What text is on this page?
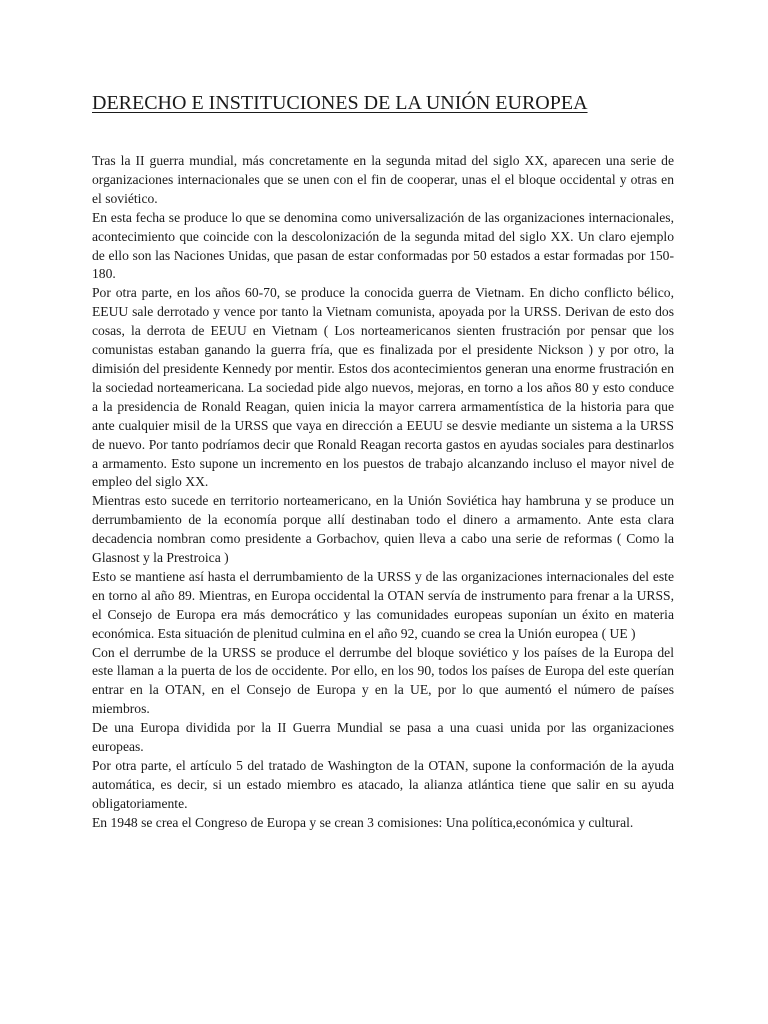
DERECHO E INSTITUCIONES DE LA UNIÓN EUROPEA

Tras la II guerra mundial, más concretamente en la segunda mitad del siglo XX, aparecen una serie de organizaciones internacionales que se unen con el fin de cooperar, unas el el bloque occidental y otras en el soviético.

En esta fecha se produce lo que se denomina como universalización de las organizaciones internacionales, acontecimiento que coincide con la descolonización de la segunda mitad del siglo XX. Un claro ejemplo de ello son las Naciones Unidas, que pasan de estar conformadas por 50 estados a estar formadas por 150-180.

Por otra parte, en los años 60-70, se produce la conocida guerra de Vietnam. En dicho conflicto bélico, EEUU sale derrotado y vence por tanto la Vietnam comunista, apoyada por la URSS. Derivan de esto dos cosas, la derrota de EEUU en Vietnam ( Los norteamericanos sienten frustración por pensar que los comunistas estaban ganando la guerra fría, que es finalizada por el presidente Nickson ) y por otro, la dimisión del presidente Kennedy por mentir. Estos dos acontecimientos generan una enorme frustración en la sociedad norteamericana. La sociedad pide algo nuevos, mejoras, en torno a los años 80 y esto conduce a la presidencia de Ronald Reagan, quien inicia la mayor carrera armamentística de la historia para que ante cualquier misil de la URSS que vaya en dirección a EEUU se desvie mediante un sistema a la URSS de nuevo. Por tanto podríamos decir que Ronald Reagan recorta gastos en ayudas sociales para destinarlos a armamento. Esto supone un incremento en los puestos de trabajo alcanzando incluso el mayor nivel de empleo del siglo XX.

Mientras esto sucede en territorio norteamericano, en la Unión Soviética hay hambruna y se produce un derrumbamiento de la economía porque allí destinaban todo el dinero a armamento. Ante esta clara decadencia nombran como presidente a Gorbachov, quien lleva a cabo una serie de reformas ( Como la Glasnost y la Prestroica )

Esto se mantiene así hasta el derrumbamiento de la URSS y de las organizaciones internacionales del este en torno al año 89. Mientras, en Europa occidental la OTAN servía de instrumento para frenar a la URSS, el Consejo de Europa era más democrático y las comunidades europeas suponían un éxito en materia económica. Esta situación de plenitud culmina en el año 92, cuando se crea la Unión europea ( UE )

Con el derrumbe de la URSS se produce el derrumbe del bloque soviético y los países de la Europa del este llaman a la puerta de los de occidente. Por ello, en los 90, todos los países de Europa del este querían entrar en la OTAN, en el Consejo de Europa y en la UE, por lo que aumentó el número de países miembros.

De una Europa dividida por la II Guerra Mundial se pasa a una cuasi unida por las organizaciones europeas.

Por otra parte, el artículo 5 del tratado de Washington de la OTAN, supone la conformación de la ayuda automática, es decir, si un estado miembro es atacado, la alianza atlántica tiene que salir en su ayuda obligatoriamente.

En 1948 se crea el Congreso de Europa y se crean 3 comisiones: Una política,económica y cultural.
